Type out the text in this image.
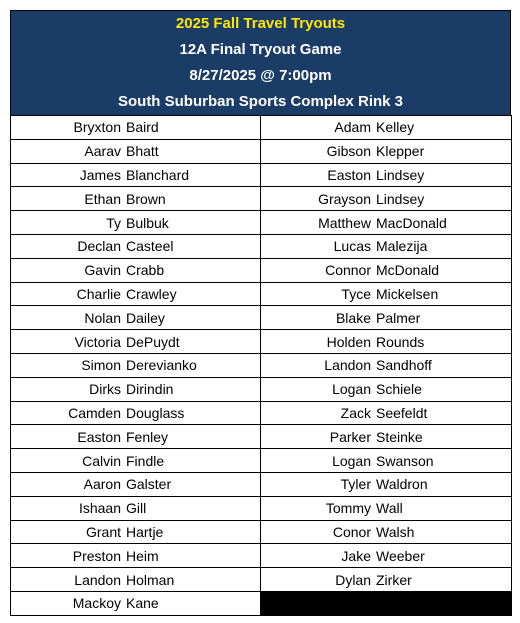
2025 Fall Travel Tryouts
12A Final Tryout Game
8/27/2025 @ 7:00pm
South Suburban Sports Complex Rink 3
Bryxton Baird	Adam Kelley

Aarav Bhatt	Gibson Klepper

James Blanchard	Easton Lindsey

Ethan Brown	Grayson Lindsey

Ty Bulbuk	Matthew MacDonald

Declan Casteel	Lucas Malezija

Gavin Crabb	Connor McDonald

Charlie Crawley	Tyce Mickelsen

Nolan Dailey	Blake Palmer

Victoria DePuydt	Holden Rounds

Simon Derevianko	Landon Sandhoff

Dirks Dirindin	Logan Schiele

Camden Douglass	Zack Seefeldt

Easton Fenley	Parker Steinke

Calvin Findle	Logan Swanson

Aaron Galster	Tyler Waldron

Ishaan Gill	Tommy Wall

Grant Hartje	Conor Walsh

Preston Heim	Jake Weeber

Landon Holman	Dylan Zirker

Mackoy Kane	
